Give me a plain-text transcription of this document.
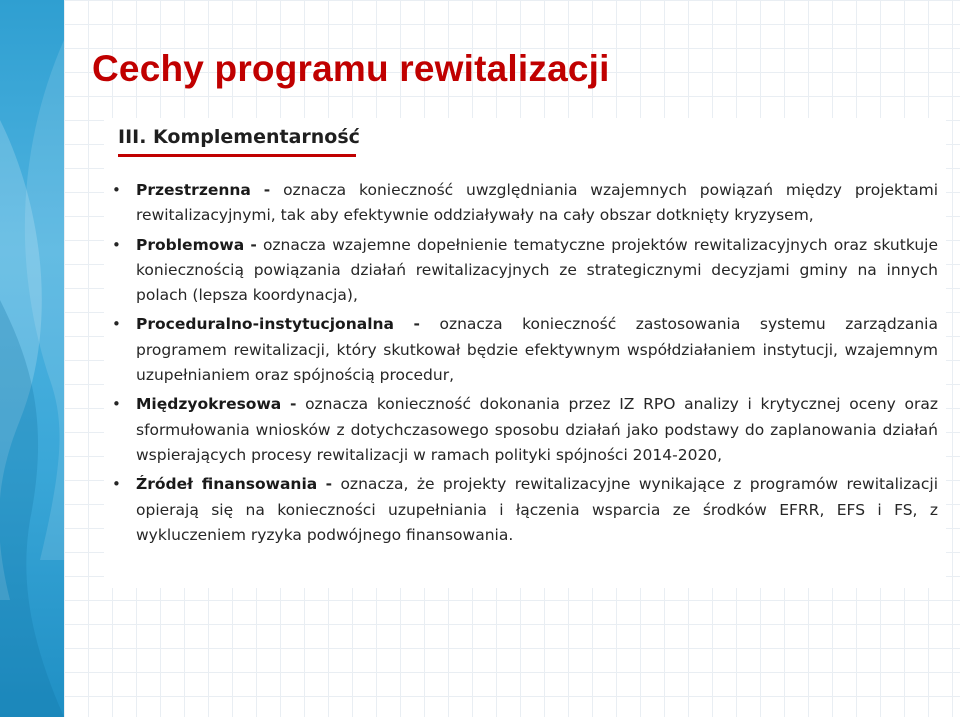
Cechy programu rewitalizacji
III. Komplementarność
• Przestrzenna - oznacza konieczność uwzględniania wzajemnych powiązań między projektami rewitalizacyjnymi, tak aby efektywnie oddziaływały na cały obszar dotknięty kryzysem,
• Problemowa - oznacza wzajemne dopełnienie tematyczne projektów rewitalizacyjnych oraz skutkuje koniecznością powiązania działań rewitalizacyjnych ze strategicznymi decyzjami gminy na innych polach (lepsza koordynacja),
• Proceduralno-instytucjonalna - oznacza konieczność zastosowania systemu zarządzania programem rewitalizacji, który skutkował będzie efektywnym współdziałaniem instytucji, wzajemnym uzupełnianiem oraz spójnością procedur,
• Międzyokresowa - oznacza konieczność dokonania przez IZ RPO analizy i krytycznej oceny oraz sformułowania wniosków z dotychczasowego sposobu działań jako podstawy do zaplanowania działań wspierających procesy rewitalizacji w ramach polityki spójności 2014-2020,
• Źródeł finansowania - oznacza, że projekty rewitalizacyjne wynikające z programów rewitalizacji opierają się na konieczności uzupełniania i łączenia wsparcia ze środków EFRR, EFS i FS, z wykluczeniem ryzyka podwójnego finansowania.
